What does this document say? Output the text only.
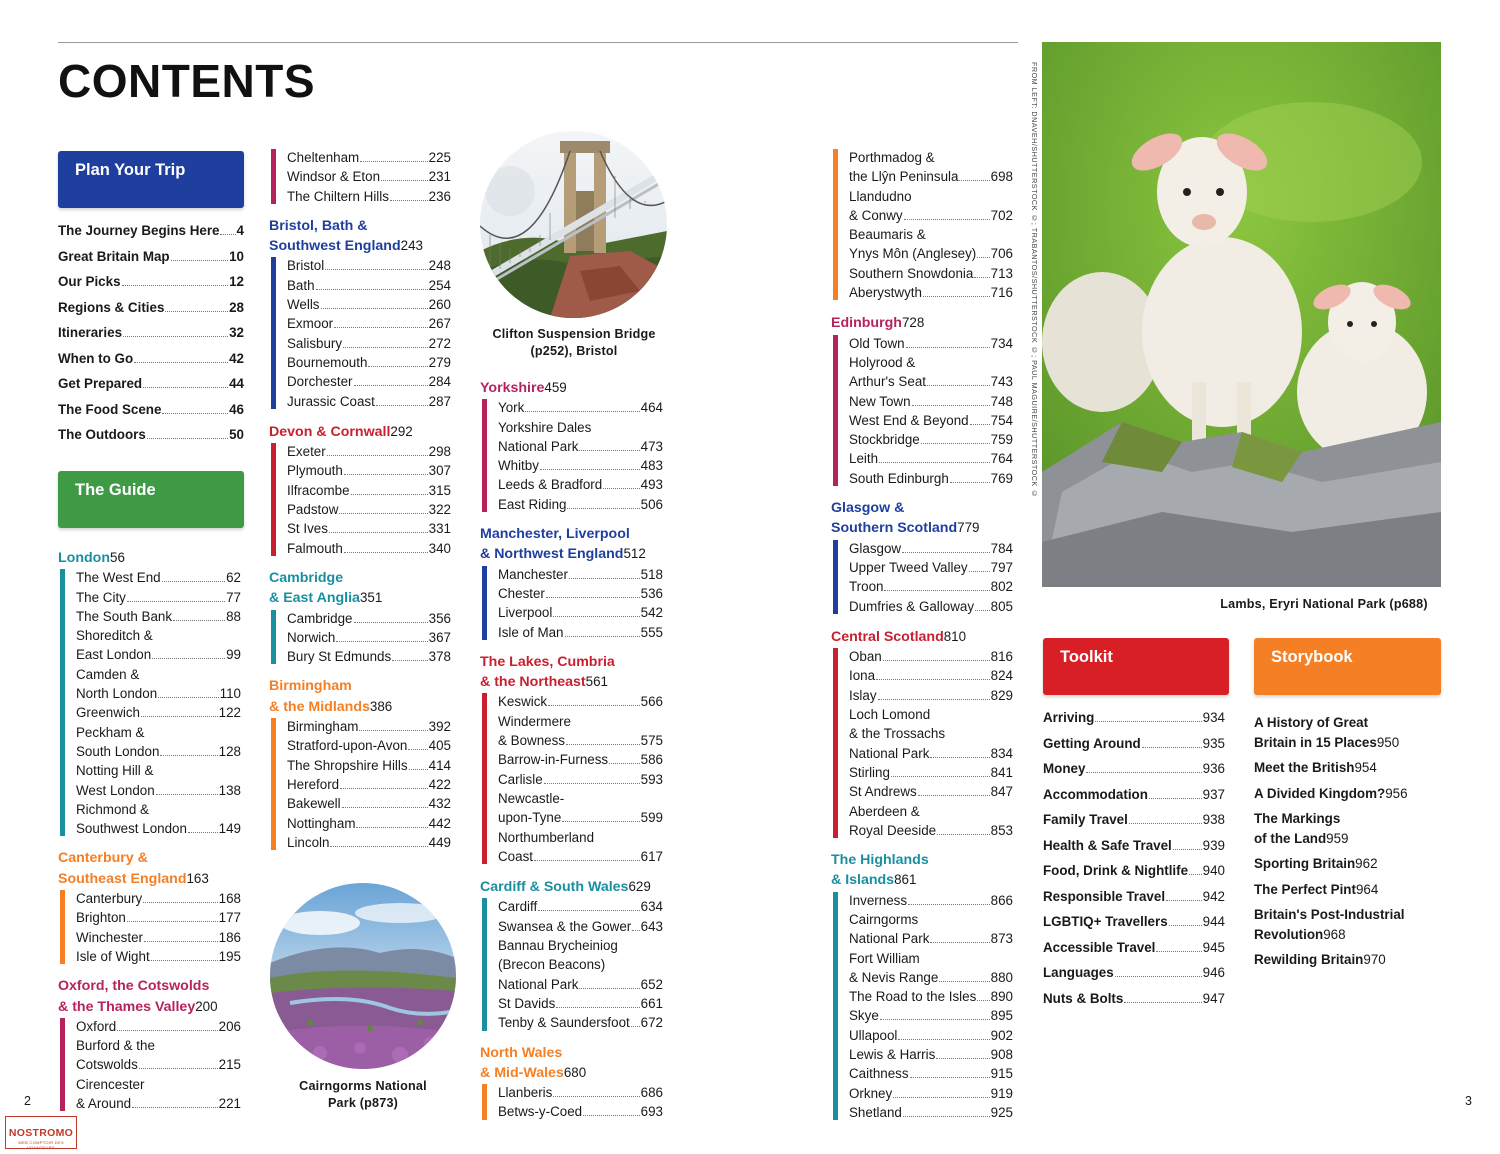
CONTENTS
Plan Your Trip
The Journey Begins Here 4
Great Britain Map	10
Our Picks	12
Regions & Cities	28
Itineraries	32
When to Go	42
Get Prepared	44
The Food Scene	46
The Outdoors	50
The Guide
London 56
The West End	62
The City	77
The South Bank	88
Shoreditch &
East London	99
Camden &
North London	110
Greenwich	122
Peckham &
South London	128
Notting Hill &
West London	138
Richmond &
Southwest London 149
Canterbury &
Southeast England 163
Canterbury	168
Brighton	177
Winchester	186
Isle of Wight	195
Oxford, the Cotswolds
& the Thames Valley 200
Oxford	206
Burford & the
Cotswolds	215
Cirencester
& Around	221
Cheltenham	225
Windsor & Eton	231
The Chiltern Hills	236
Bristol, Bath &
Southwest England 243
Bristol	248
Bath	254
Wells	260
Exmoor	267
Salisbury	272
Bournemouth	279
Dorchester	284
Jurassic Coast	287
Devon & Cornwall 292
Exeter	298
Plymouth	307
Ilfracombe	315
Padstow	322
St Ives	331
Falmouth	340
Cambridge
& East Anglia 351
Cambridge	356
Norwich	367
Bury St Edmunds	378
Birmingham
& the Midlands 386
Birmingham	392
Stratford-upon-Avon 405
The Shropshire Hills 414
Hereford	422
Bakewell	432
Nottingham	442
Lincoln	449
Yorkshire 459
York	464
Yorkshire Dales
National Park	473
Whitby	483
Leeds & Bradford	493
East Riding	506
Manchester, Liverpool
& Northwest England 512
Manchester	518
Chester	536
Liverpool	542
Isle of Man	555
The Lakes, Cumbria
& the Northeast 561
Keswick	566
Windermere
& Bowness	575
Barrow-in-Furness 586
Carlisle	593
Newcastle-
upon-Tyne	599
Northumberland
Coast	617
Cardiff & South Wales 629
Cardiff	634
Swansea & the Gower 643
Bannau Brycheiniog
(Brecon Beacons)
National Park	652
St Davids	661
Tenby & Saundersfoot 672
North Wales
& Mid-Wales 680
Llanberis	686
Betws-y-Coed	693
Porthmadog &
the Llŷn Peninsula 698
Llandudno
& Conwy	702
Beaumaris &
Ynys Môn (Anglesey) 706
Southern Snowdonia 713
Aberystwyth	716
Edinburgh 728
Old Town	734
Holyrood &
Arthur's Seat	743
New Town	748
West End & Beyond 754
Stockbridge	759
Leith	764
South Edinburgh	769
Glasgow &
Southern Scotland 779
Glasgow	784
Upper Tweed Valley 797
Troon	802
Dumfries & Galloway 805
Central Scotland 810
Oban	816
Iona	824
Islay	829
Loch Lomond
& the Trossachs
National Park	834
Stirling	841
St Andrews	847
Aberdeen &
Royal Deeside	853
The Highlands
& Islands 861
Inverness	866
Cairngorms
National Park	873
Fort William
& Nevis Range	880
The Road to the Isles 890
Skye	895
Ullapool	902
Lewis & Harris	908
Caithness	915
Orkney	919
Shetland	925
Clifton Suspension Bridge
(p252), Bristol
Cairngorms National
Park (p873)
Lambs, Eryri National Park (p688)
Toolkit
Arriving	934
Getting Around	935
Money	936
Accommodation	937
Family Travel	938
Health & Safe Travel 939
Food, Drink & Nightlife 940
Responsible Travel	942
LGBTIQ+ Travellers	944
Accessible Travel	945
Languages	946
Nuts & Bolts	947
Storybook
A History of Great
Britain in 15 Places 950
Meet the British 954
A Divided Kingdom? 956
The Markings
of the Land 959
Sporting Britain 962
The Perfect Pint 964
Britain's Post-Industrial
Revolution 968
Rewilding Britain 970
FROM LEFT: DNAVEH/SHUTTERSTOCK ©; TRABANTOS/SHUTTERSTOCK ©; PAUL MAGUIRE/SHUTTERSTOCK ©
2	3
NOSTROMO
WEB COMPTOIR DES VOYAGEURS
